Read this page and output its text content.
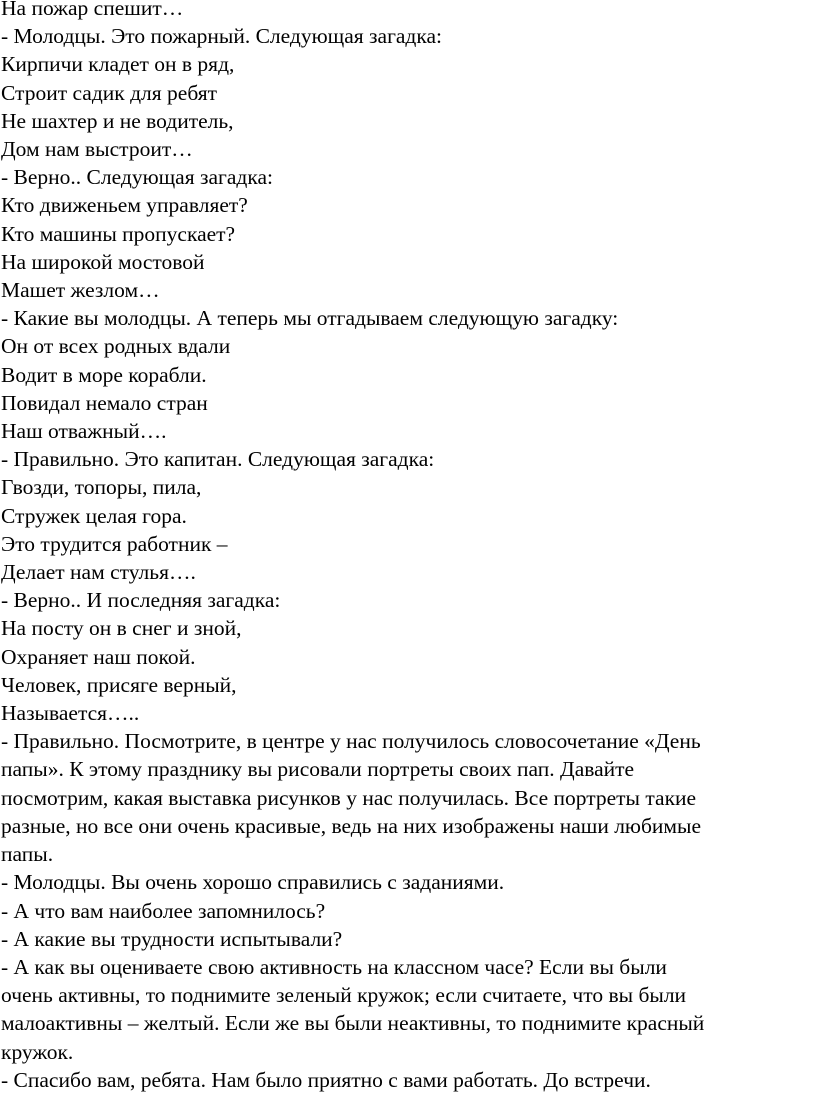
На пожар спешит…
- Молодцы. Это пожарный. Следующая загадка:
Кирпичи кладет он в ряд,
Строит садик для ребят
Не шахтер и не водитель,
Дом нам выстроит…
- Верно.. Следующая загадка:
Кто движеньем управляет?
Кто машины пропускает?
На широкой мостовой
Машет жезлом…
- Какие вы молодцы. А теперь мы отгадываем следующую загадку:
Он от всех родных вдали
Водит в море корабли.
Повидал немало стран
Наш отважный….
- Правильно. Это капитан. Следующая загадка:
Гвозди, топоры, пила,
Стружек целая гора.
Это трудится работник –
Делает нам стулья….
- Верно.. И последняя загадка:
На посту он в снег и зной,
Охраняет наш покой.
Человек, присяге верный,
Называется…..
- Правильно. Посмотрите, в центре у нас получилось словосочетание «День
папы». К этому празднику вы рисовали портреты своих пап. Давайте
посмотрим, какая выставка рисунков у нас получилась. Все портреты такие
разные, но все они очень красивые, ведь на них изображены наши любимые
папы.
- Молодцы. Вы очень хорошо справились с заданиями.
- А что вам наиболее запомнилось?
- А какие вы трудности испытывали?
- А как вы оцениваете свою активность на классном часе? Если вы были
очень активны, то поднимите зеленый кружок; если считаете, что вы были
малоактивны – желтый. Если же вы были неактивны, то поднимите красный
кружок.
- Спасибо вам, ребята. Нам было приятно с вами работать. До встречи.
